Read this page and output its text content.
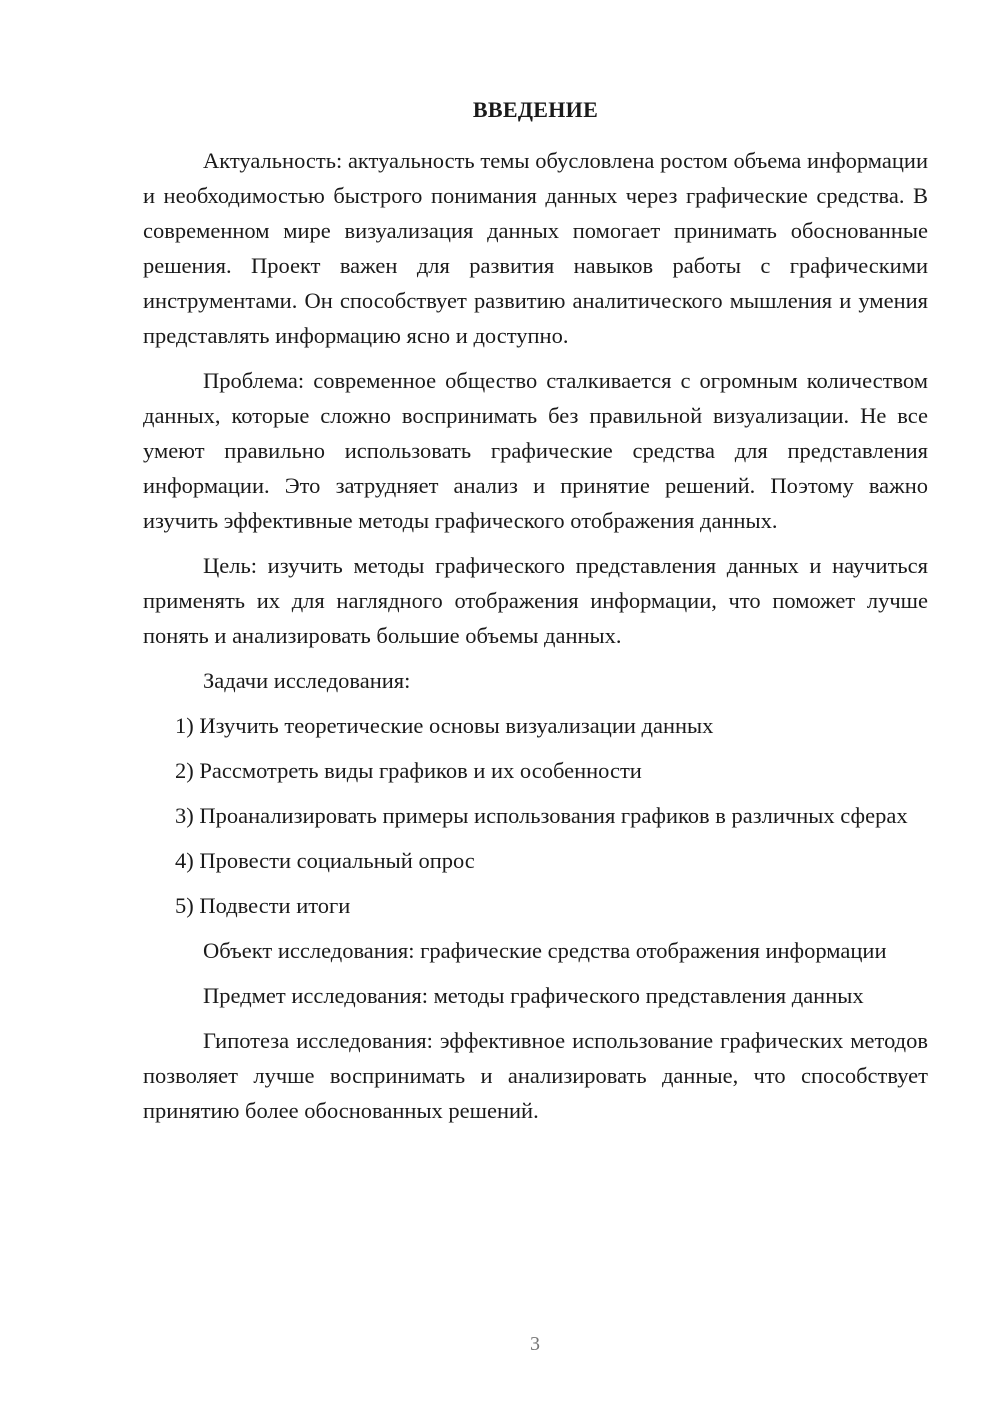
ВВЕДЕНИЕ

Актуальность: актуальность темы обусловлена ростом объема информации и необходимостью быстрого понимания данных через графические средства. В современном мире визуализация данных помогает принимать обоснованные решения. Проект важен для развития навыков работы с графическими инструментами. Он способствует развитию аналитического мышления и умения представлять информацию ясно и доступно.

Проблема: современное общество сталкивается с огромным количеством данных, которые сложно воспринимать без правильной визуализации. Не все умеют правильно использовать графические средства для представления информации. Это затрудняет анализ и принятие решений. Поэтому важно изучить эффективные методы графического отображения данных.

Цель: изучить методы графического представления данных и научиться применять их для наглядного отображения информации, что поможет лучше понять и анализировать большие объемы данных.

Задачи исследования:

1) Изучить теоретические основы визуализации данных

2) Рассмотреть виды графиков и их особенности

3) Проанализировать примеры использования графиков в различных сферах

4) Провести социальный опрос

5) Подвести итоги

Объект исследования: графические средства отображения информации

Предмет исследования: методы графического представления данных

Гипотеза исследования: эффективное использование графических методов позволяет лучше воспринимать и анализировать данные, что способствует принятию более обоснованных решений.

3
